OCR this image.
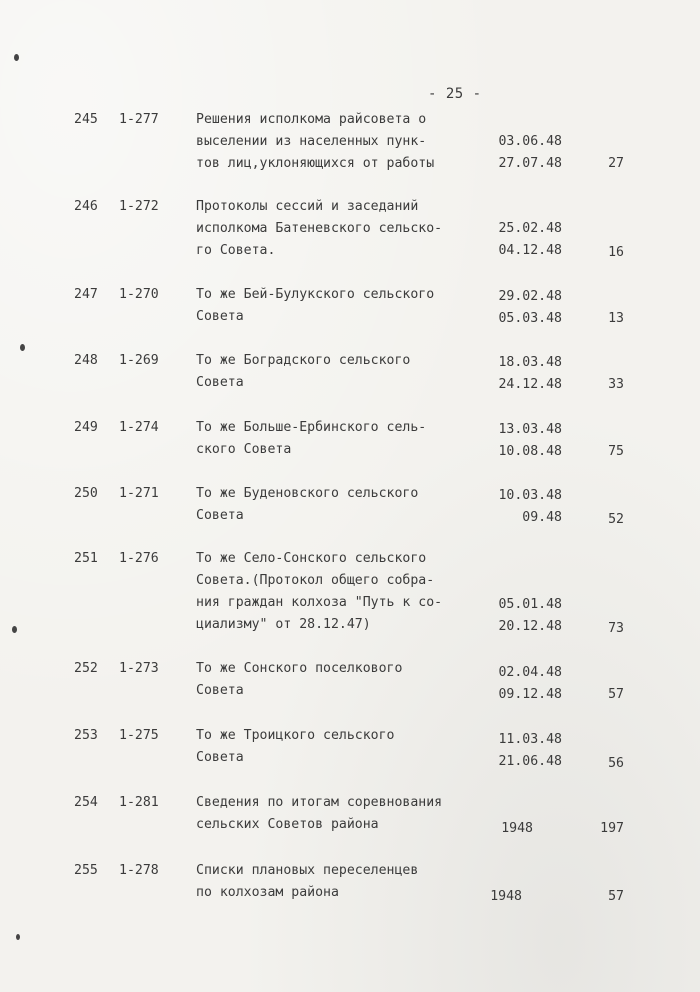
- 25 -
245 1-277	Решения исполкома райсовета о
выселении из населенных пунк-
тов лиц,уклоняющихся от работы
03.06.48
27.07.48	27
246 1-272	Протоколы сессий и заседаний
исполкома Батеневского сельско-
го Совета.
25.02.48
04.12.48	16
247 1-270	То же Бей-Булукского сельского
Совета
29.02.48
05.03.48	13
248 1-269	То же Боградского сельского
Совета
18.03.48
24.12.48	33
249 1-274	То же Больше-Ербинского сель-
ского Совета
13.03.48
10.08.48	75
250 1-271	То же Буденовского сельского
Совета
10.03.48
09.48	52
251 1-276	То же Село-Сонского сельского
Совета.(Протокол общего собра-
ния граждан колхоза "Путь к со-
циализму" от 28.12.47)
05.01.48
20.12.48	73
252 1-273	То же Сонского поселкового
Совета
02.04.48
09.12.48	57
253 1-275	То же Троицкого сельского
Совета
11.03.48
21.06.48	56
254 1-281	Сведения по итогам соревнования
сельских Советов района	1948	197
255 1-278	Списки плановых переселенцев
по колхозам района	1948	57
